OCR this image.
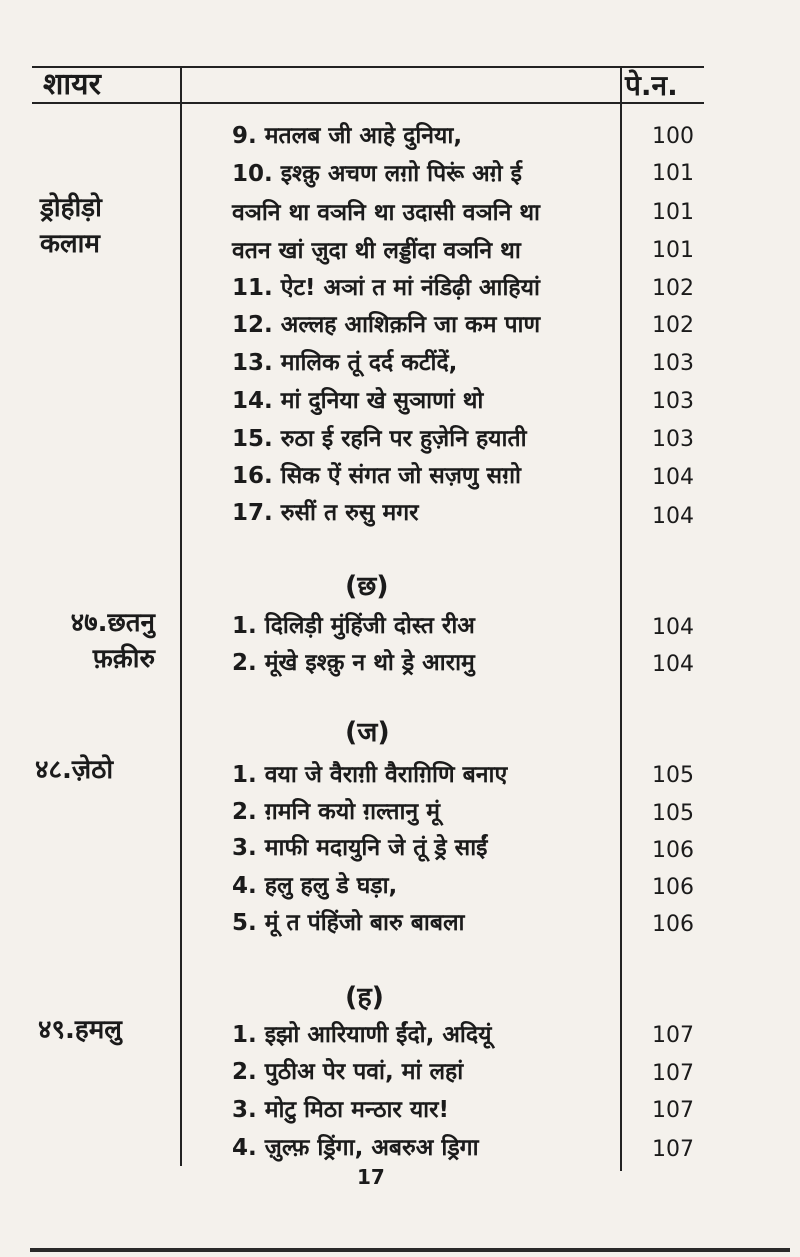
शायर	पे.न.
ड्रोहीड़ो कलाम
४७.छतनु फ़क़ीरु
४८.ज़ेठो
४९.हमलु
(छ)
(ज)
(ह)
9. मतलब जी आहे दुनिया,
10. इश्क़ु अचण लग़ो पिरूं अग़े ई
वञनि था वञनि था उदासी वञनि था
वतन खां ज़ुदा थी लड्डींदा वञनि था
11. ऐट! अञां त मां नंडिढ़ी आहियां
12. अल्लह आशिक़नि जा कम पाण
13. मालिक तूं दर्द कटींदें,
14. मां दुनिया खे सुञाणां थो
15. रुठा ई रहनि पर हुज़ेनि हयाती
16. सिक ऐं संगत जो सज़णु सग़ो
17. रुसीं त रुसु मगर
1. दिलिड़ी मुंहिंजी दोस्त रीअ
2. मूंखे इश्क़ु न थो ड्रे आरामु
1. वया जे वैराग़ी वैराग़िणि बनाए
2. ग़मनि कयो ग़ल्तानु मूं
3. माफी मदायुनि जे तूं ड्रे साईं
4. हलु हलु डे घड़ा,
5. मूं त पंहिंजो बारु बाबला
1. इझो आरियाणी ईंदो, अदियूं
2. पुठीअ पेर पवां, मां लहां
3. मोटु मिठा मन्ठार यार!
4. ज़ुल्फ़ ड्रिंगा, अबरुअ ड्रिगा
100
101
101
101
102
102
103
103
103
104
104
104
104
105
105
106
106
106
107
107
107
107
17
